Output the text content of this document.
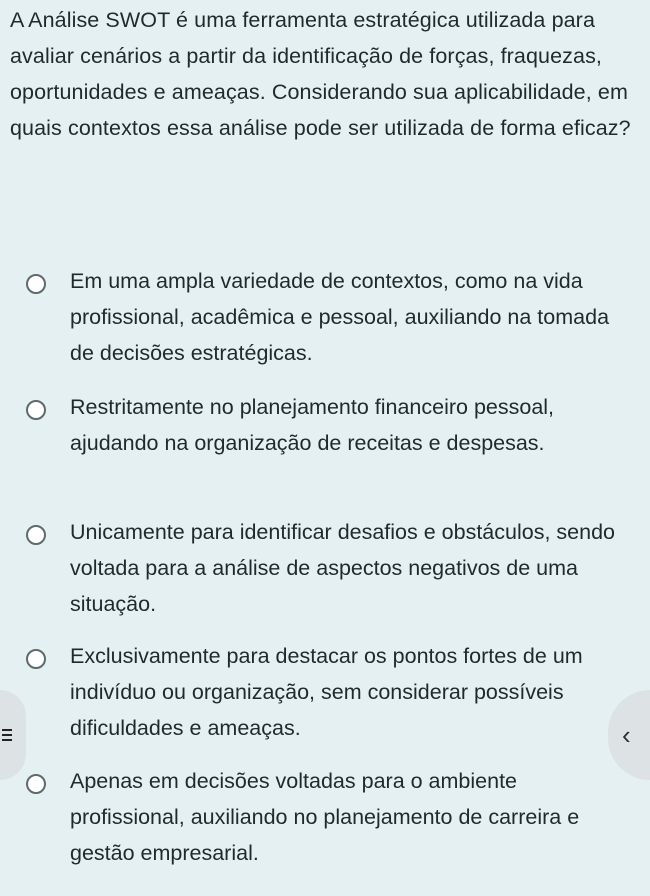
A Análise SWOT é uma ferramenta estratégica utilizada para avaliar cenários a partir da identificação de forças, fraquezas, oportunidades e ameaças. Considerando sua aplicabilidade, em quais contextos essa análise pode ser utilizada de forma eficaz?
Em uma ampla variedade de contextos, como na vida profissional, acadêmica e pessoal, auxiliando na tomada de decisões estratégicas.
Restritamente no planejamento financeiro pessoal, ajudando na organização de receitas e despesas.
Unicamente para identificar desafios e obstáculos, sendo voltada para a análise de aspectos negativos de uma situação.
Exclusivamente para destacar os pontos fortes de um indivíduo ou organização, sem considerar possíveis dificuldades e ameaças.
Apenas em decisões voltadas para o ambiente profissional, auxiliando no planejamento de carreira e gestão empresarial.
‹
